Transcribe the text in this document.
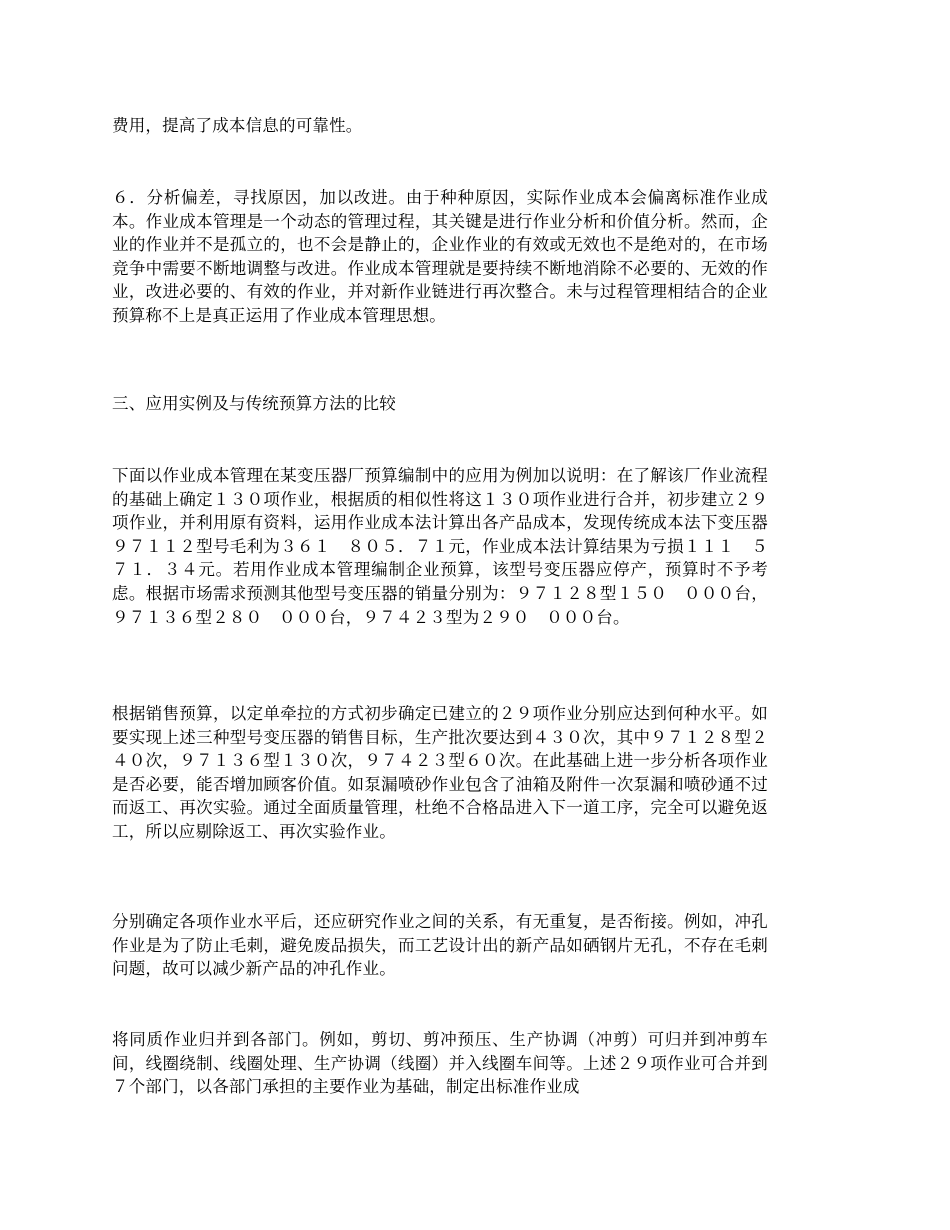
费用，提高了成本信息的可靠性。

６．分析偏差，寻找原因，加以改进。由于种种原因，实际作业成本会偏离标准作业成本。作业成本管理是一个动态的管理过程，其关键是进行作业分析和价值分析。然而，企业的作业并不是孤立的，也不会是静止的，企业作业的有效或无效也不是绝对的，在市场竞争中需要不断地调整与改进。作业成本管理就是要持续不断地消除不必要的、无效的作业，改进必要的、有效的作业，并对新作业链进行再次整合。未与过程管理相结合的企业预算称不上是真正运用了作业成本管理思想。

三、应用实例及与传统预算方法的比较

下面以作业成本管理在某变压器厂预算编制中的应用为例加以说明：在了解该厂作业流程的基础上确定１３０项作业，根据质的相似性将这１３０项作业进行合并，初步建立２９项作业，并利用原有资料，运用作业成本法计算出各产品成本，发现传统成本法下变压器９７１１２型号毛利为３６１　８０５．７１元，作业成本法计算结果为亏损１１１　５７１．３４元。若用作业成本管理编制企业预算，该型号变压器应停产，预算时不予考虑。根据市场需求预测其他型号变压器的销量分别为：９７１２８型１５０　０００台，９７１３６型２８０　０００台，９７４２３型为２９０　０００台。

根据销售预算，以定单牵拉的方式初步确定已建立的２９项作业分别应达到何种水平。如要实现上述三种型号变压器的销售目标，生产批次要达到４３０次，其中９７１２８型２４０次，９７１３６型１３０次，９７４２３型６０次。在此基础上进一步分析各项作业是否必要，能否增加顾客价值。如泵漏喷砂作业包含了油箱及附件一次泵漏和喷砂通不过而返工、再次实验。通过全面质量管理，杜绝不合格品进入下一道工序，完全可以避免返工，所以应剔除返工、再次实验作业。

分别确定各项作业水平后，还应研究作业之间的关系，有无重复，是否衔接。例如，冲孔作业是为了防止毛刺，避免废品损失，而工艺设计出的新产品如硒钢片无孔，不存在毛刺问题，故可以减少新产品的冲孔作业。

将同质作业归并到各部门。例如，剪切、剪冲预压、生产协调（冲剪）可归并到冲剪车间，线圈绕制、线圈处理、生产协调（线圈）并入线圈车间等。上述２９项作业可合并到７个部门，以各部门承担的主要作业为基础，制定出标准作业成
